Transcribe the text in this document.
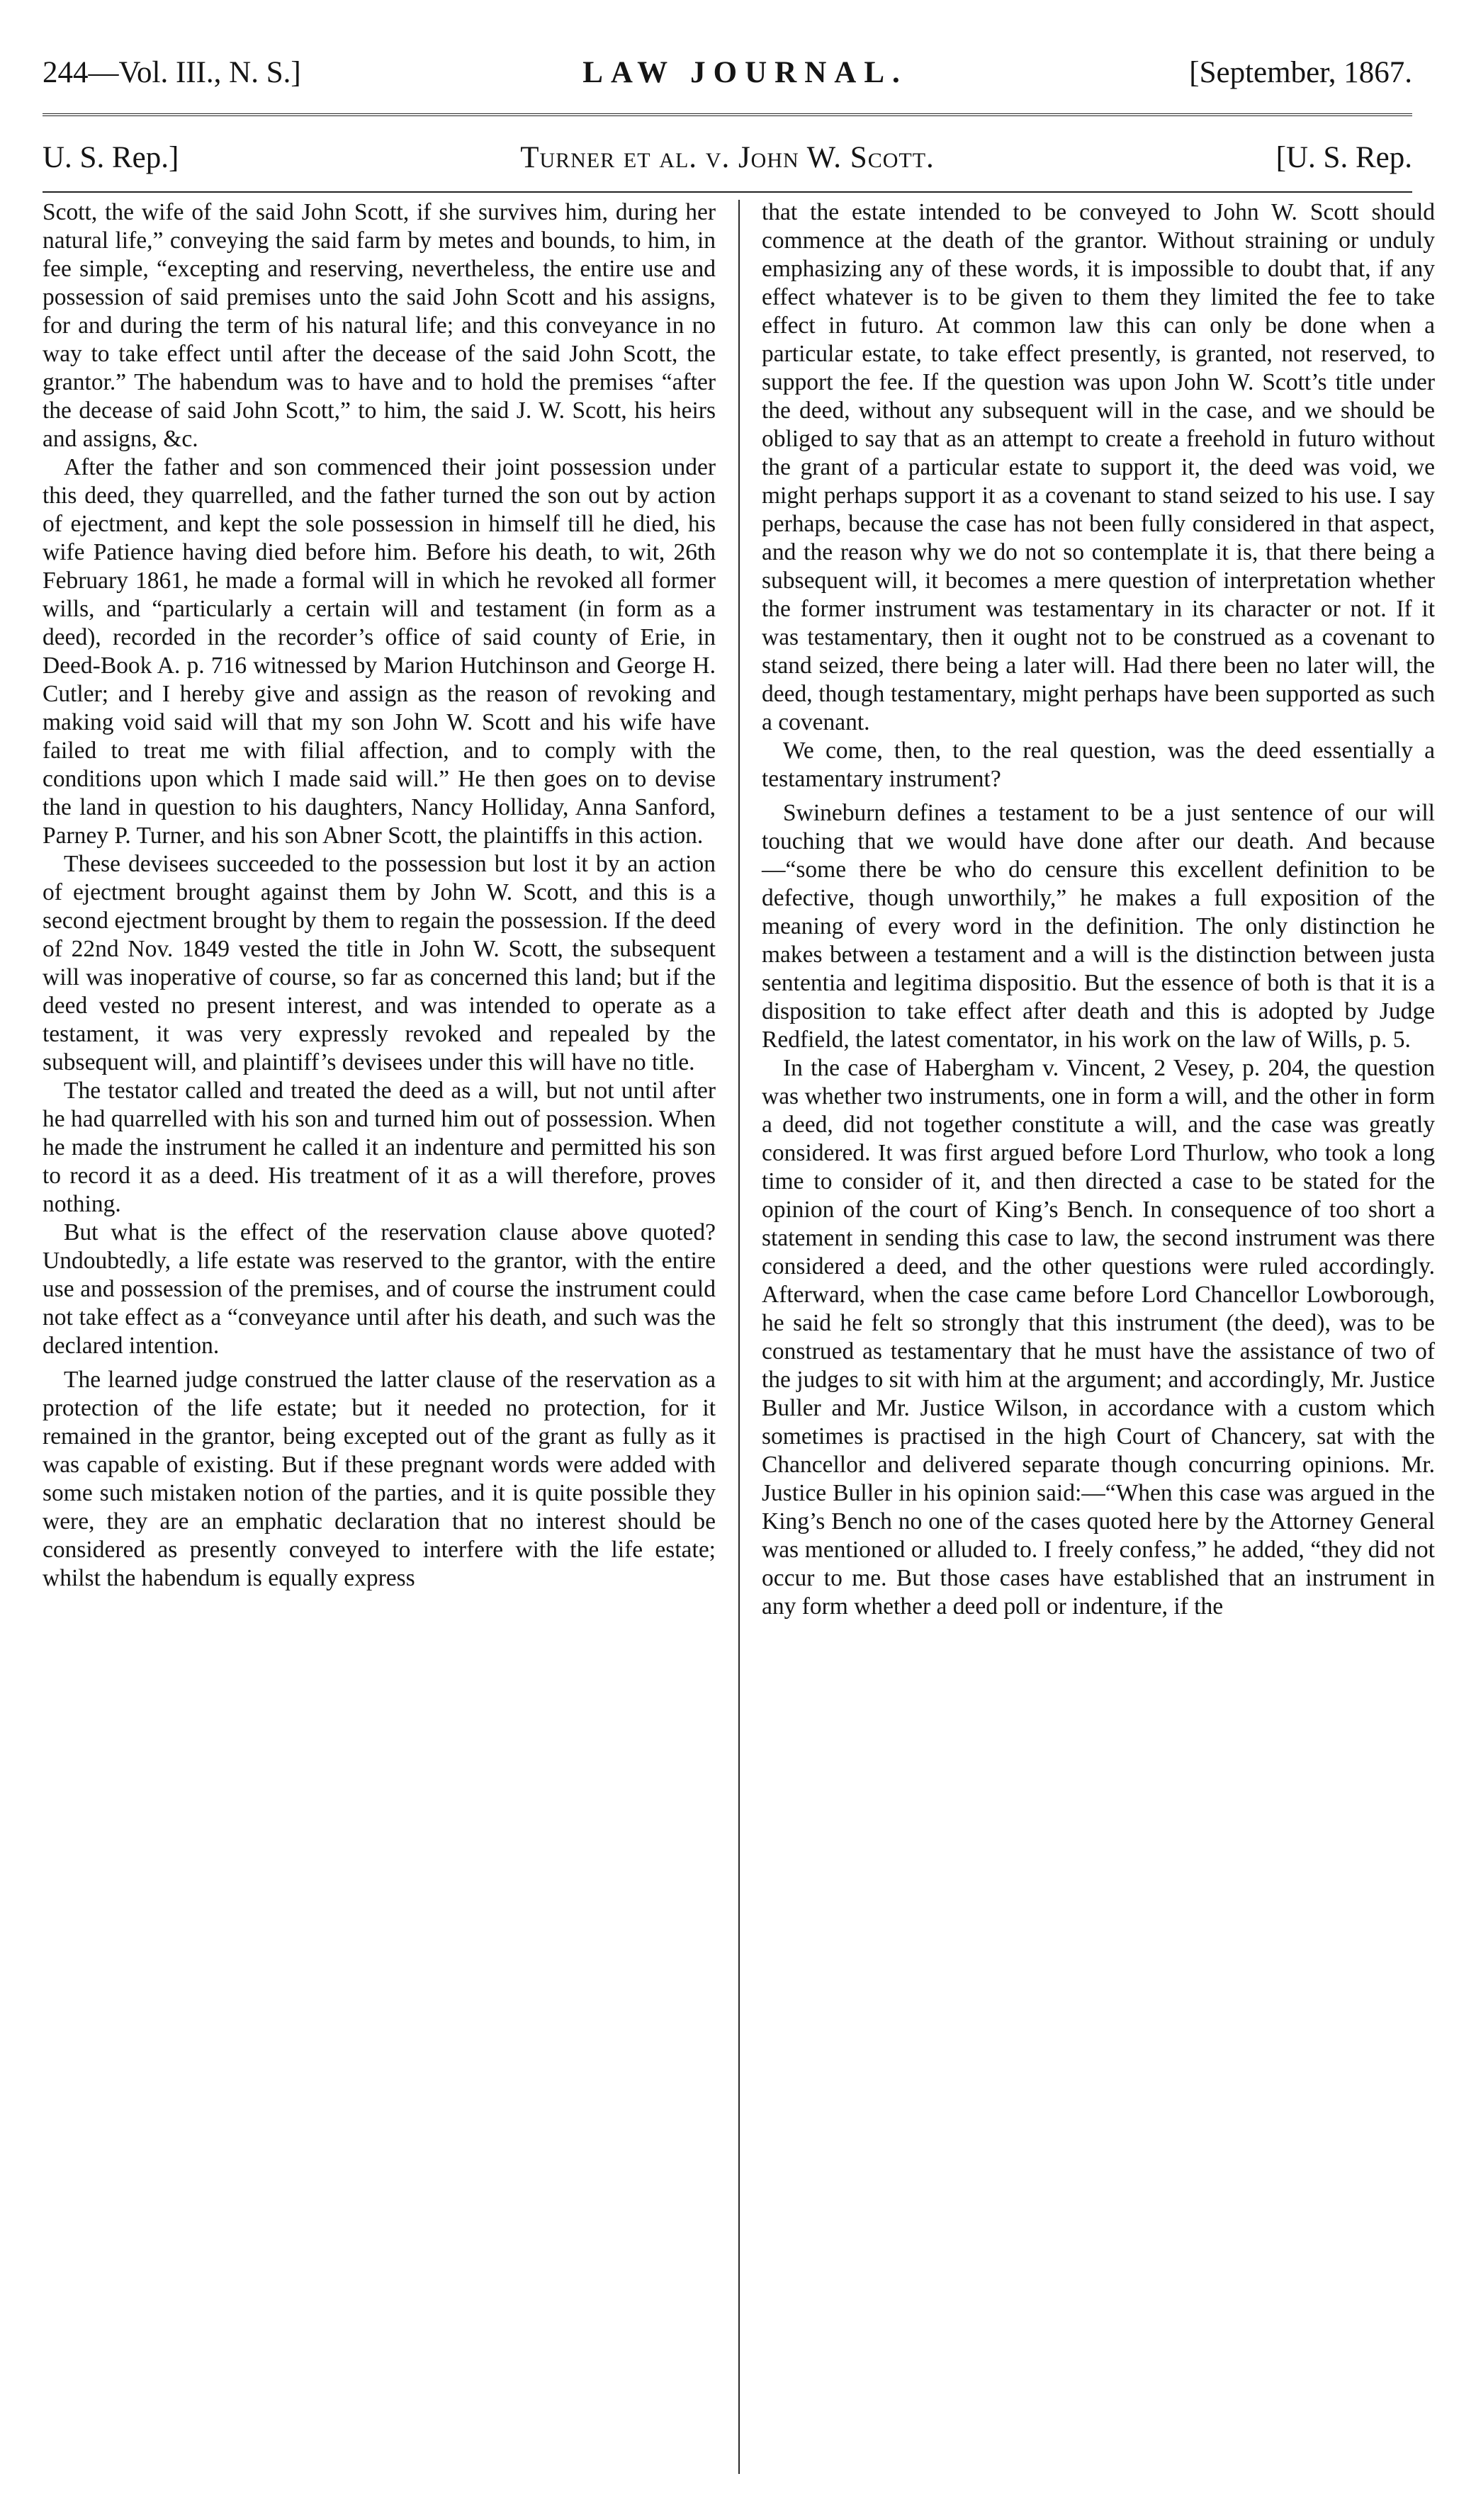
244—Vol. III., N. S.]	LAW JOURNAL.	[September, 1867.
U. S. Rep.]	Turner et al. v. John W. Scott.	[U. S. Rep.

Scott, the wife of the said John Scott, if she survives him, during her natural life,” conveying the said farm by metes and bounds, to him, in fee simple, “excepting and reserving, nevertheless, the entire use and possession of said premises unto the said John Scott and his assigns, for and during the term of his natural life; and this conveyance in no way to take effect until after the decease of the said John Scott, the grantor.” The habendum was to have and to hold the premises “after the decease of said John Scott,” to him, the said J. W. Scott, his heirs and assigns, &c.

After the father and son commenced their joint possession under this deed, they quarrelled, and the father turned the son out by action of ejectment, and kept the sole possession in himself till he died, his wife Patience having died before him. Before his death, to wit, 26th February 1861, he made a formal will in which he revoked all former wills, and “particularly a certain will and testament (in form as a deed), recorded in the recorder’s office of said county of Erie, in Deed-Book A. p. 716 witnessed by Marion Hutchinson and George H. Cutler; and I hereby give and assign as the reason of revoking and making void said will that my son John W. Scott and his wife have failed to treat me with filial affection, and to comply with the conditions upon which I made said will.” He then goes on to devise the land in question to his daughters, Nancy Holliday, Anna Sanford, Parney P. Turner, and his son Abner Scott, the plaintiffs in this action.

These devisees succeeded to the possession but lost it by an action of ejectment brought against them by John W. Scott, and this is a second ejectment brought by them to regain the possession. If the deed of 22nd Nov. 1849 vested the title in John W. Scott, the subsequent will was inoperative of course, so far as concerned this land; but if the deed vested no present interest, and was intended to operate as a testament, it was very expressly revoked and repealed by the subsequent will, and plaintiff’s devisees under this will have no title.

The testator called and treated the deed as a will, but not until after he had quarrelled with his son and turned him out of possession. When he made the instrument he called it an indenture and permitted his son to record it as a deed. His treatment of it as a will therefore, proves nothing.

But what is the effect of the reservation clause above quoted? Undoubtedly, a life estate was reserved to the grantor, with the entire use and possession of the premises, and of course the instrument could not take effect as a “conveyance until after his death, and such was the declared intention.

The learned judge construed the latter clause of the reservation as a protection of the life estate; but it needed no protection, for it remained in the grantor, being excepted out of the grant as fully as it was capable of existing. But if these pregnant words were added with some such mistaken notion of the parties, and it is quite possible they were, they are an emphatic declaration that no interest should be considered as presently conveyed to interfere with the life estate; whilst the habendum is equally express

that the estate intended to be conveyed to John W. Scott should commence at the death of the grantor. Without straining or unduly emphasizing any of these words, it is impossible to doubt that, if any effect whatever is to be given to them they limited the fee to take effect in futuro. At common law this can only be done when a particular estate, to take effect presently, is granted, not reserved, to support the fee. If the question was upon John W. Scott’s title under the deed, without any subsequent will in the case, and we should be obliged to say that as an attempt to create a freehold in futuro without the grant of a particular estate to support it, the deed was void, we might perhaps support it as a covenant to stand seized to his use. I say perhaps, because the case has not been fully considered in that aspect, and the reason why we do not so contemplate it is, that there being a subsequent will, it becomes a mere question of interpretation whether the former instrument was testamentary in its character or not. If it was testamentary, then it ought not to be construed as a covenant to stand seized, there being a later will. Had there been no later will, the deed, though testamentary, might perhaps have been supported as such a covenant.

We come, then, to the real question, was the deed essentially a testamentary instrument?

Swineburn defines a testament to be a just sentence of our will touching that we would have done after our death. And because—“some there be who do censure this excellent definition to be defective, though unworthily,” he makes a full exposition of the meaning of every word in the definition. The only distinction he makes between a testament and a will is the distinction between justa sententia and legitima dispositio. But the essence of both is that it is a disposition to take effect after death and this is adopted by Judge Redfield, the latest comentator, in his work on the law of Wills, p. 5.

In the case of Habergham v. Vincent, 2 Vesey, p. 204, the question was whether two instruments, one in form a will, and the other in form a deed, did not together constitute a will, and the case was greatly considered. It was first argued before Lord Thurlow, who took a long time to consider of it, and then directed a case to be stated for the opinion of the court of King’s Bench. In consequence of too short a statement in sending this case to law, the second instrument was there considered a deed, and the other questions were ruled accordingly. Afterward, when the case came before Lord Chancellor Lowborough, he said he felt so strongly that this instrument (the deed), was to be construed as testamentary that he must have the assistance of two of the judges to sit with him at the argument; and accordingly, Mr. Justice Buller and Mr. Justice Wilson, in accordance with a custom which sometimes is practised in the high Court of Chancery, sat with the Chancellor and delivered separate though concurring opinions. Mr. Justice Buller in his opinion said:—“When this case was argued in the King’s Bench no one of the cases quoted here by the Attorney General was mentioned or alluded to. I freely confess,” he added, “they did not occur to me. But those cases have established that an instrument in any form whether a deed poll or indenture, if the
